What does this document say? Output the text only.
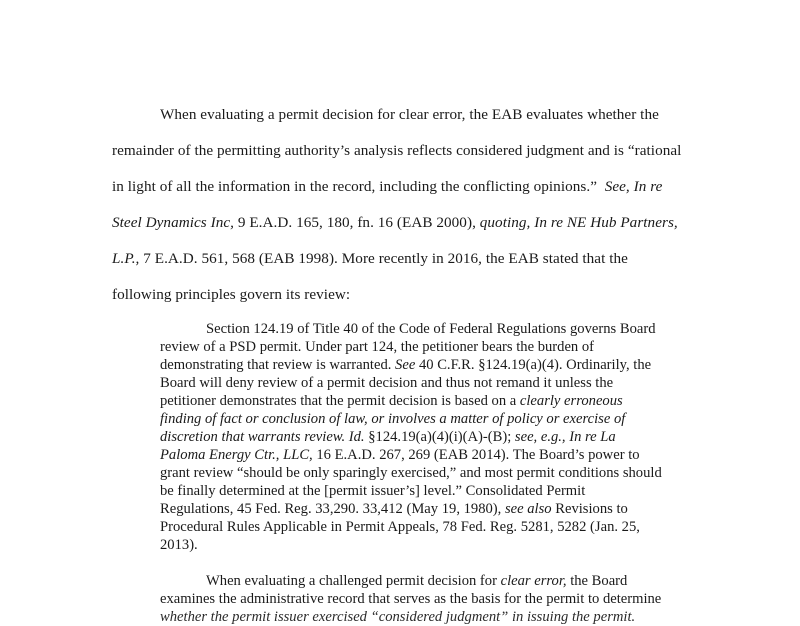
When evaluating a permit decision for clear error, the EAB evaluates whether the
remainder of the permitting authority’s analysis reflects considered judgment and is “rational
in light of all the information in the record, including the conflicting opinions.” See, In re
Steel Dynamics Inc, 9 E.A.D. 165, 180, fn. 16 (EAB 2000), quoting, In re NE Hub Partners,
L.P., 7 E.A.D. 561, 568 (EAB 1998). More recently in 2016, the EAB stated that the
following principles govern its review:
Section 124.19 of Title 40 of the Code of Federal Regulations governs Board
review of a PSD permit. Under part 124, the petitioner bears the burden of
demonstrating that review is warranted. See 40 C.F.R. §124.19(a)(4). Ordinarily, the
Board will deny review of a permit decision and thus not remand it unless the
petitioner demonstrates that the permit decision is based on a clearly erroneous
finding of fact or conclusion of law, or involves a matter of policy or exercise of
discretion that warrants review. Id. §124.19(a)(4)(i)(A)-(B); see, e.g., In re La
Paloma Energy Ctr., LLC, 16 E.A.D. 267, 269 (EAB 2014). The Board’s power to
grant review “should be only sparingly exercised,” and most permit conditions should
be finally determined at the [permit issuer’s] level.” Consolidated Permit
Regulations, 45 Fed. Reg. 33,290. 33,412 (May 19, 1980), see also Revisions to
Procedural Rules Applicable in Permit Appeals, 78 Fed. Reg. 5281, 5282 (Jan. 25,
2013).
When evaluating a challenged permit decision for clear error, the Board
examines the administrative record that serves as the basis for the permit to determine
whether the permit issuer exercised “considered judgment” in issuing the permit.
